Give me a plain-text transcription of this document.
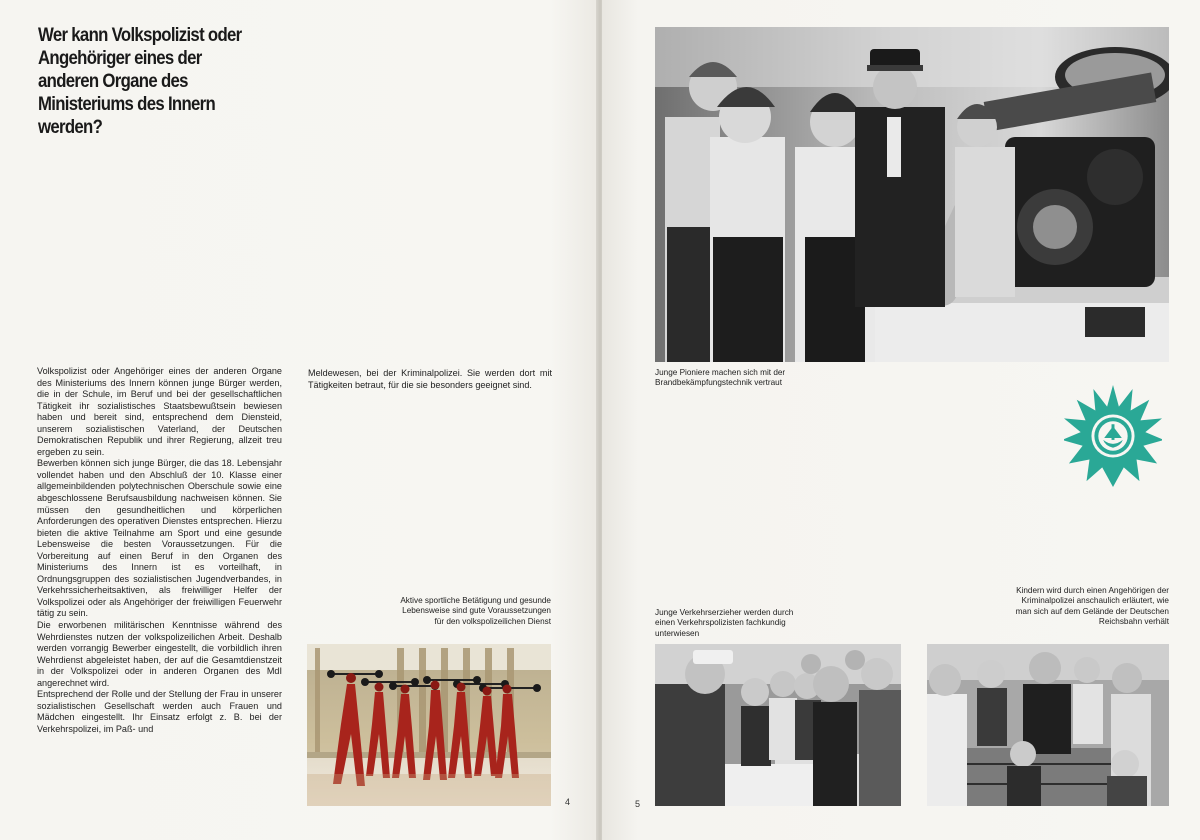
Wer kann Volkspolizist oder Angehöriger eines der anderen Organe des Ministeriums des Innern werden?

Volkspolizist oder Angehöriger eines der anderen Organe des Ministeriums des Innern können junge Bürger werden, die in der Schule, im Beruf und bei der gesellschaftlichen Tätigkeit ihr sozialistisches Staatsbewußtsein bewiesen haben und bereit sind, entsprechend dem Diensteid, unserem sozialistischen Vaterland, der Deutschen Demokratischen Republik und ihrer Regierung, allzeit treu ergeben zu sein.

Bewerben können sich junge Bürger, die das 18. Lebensjahr vollendet haben und den Abschluß der 10. Klasse einer allgemeinbildenden polytechnischen Oberschule sowie eine abgeschlossene Berufsausbildung nachweisen können. Sie müssen den gesundheitlichen und körperlichen Anforderungen des operativen Dienstes entsprechen. Hierzu bieten die aktive Teilnahme am Sport und eine gesunde Lebensweise die besten Voraussetzungen. Für die Vorbereitung auf einen Beruf in den Organen des Ministeriums des Innern ist es vorteilhaft, in Ordnungsgruppen des sozialistischen Jugendverbandes, in Verkehrssicherheitsaktiven, als freiwilliger Helfer der Volkspolizei oder als Angehöriger der freiwilligen Feuerwehr tätig zu sein.

Die erworbenen militärischen Kenntnisse während des Wehrdienstes nutzen der volkspolizeilichen Arbeit. Deshalb werden vorrangig Bewerber eingestellt, die vorbildlich ihren Wehrdienst abgeleistet haben, der auf die Gesamtdienstzeit in der Volkspolizei oder in anderen Organen des MdI angerechnet wird.

Entsprechend der Rolle und der Stellung der Frau in unserer sozialistischen Gesellschaft werden auch Frauen und Mädchen eingestellt. Ihr Einsatz erfolgt z. B. bei der Verkehrspolizei, im Paß- und

Meldewesen, bei der Kriminalpolizei. Sie werden dort mit Tätigkeiten betraut, für die sie besonders geeignet sind.

Aktive sportliche Betätigung und gesunde Lebensweise sind gute Voraussetzungen für den volkspolizeilichen Dienst

4

Junge Pioniere machen sich mit der Brandbekämpfungstechnik vertraut

Junge Verkehrserzieher werden durch einen Verkehrspolizisten fachkundig unterwiesen

Kindern wird durch einen Angehörigen der Kriminalpolizei anschaulich erläutert, wie man sich auf dem Gelände der Deutschen Reichsbahn verhält

5
